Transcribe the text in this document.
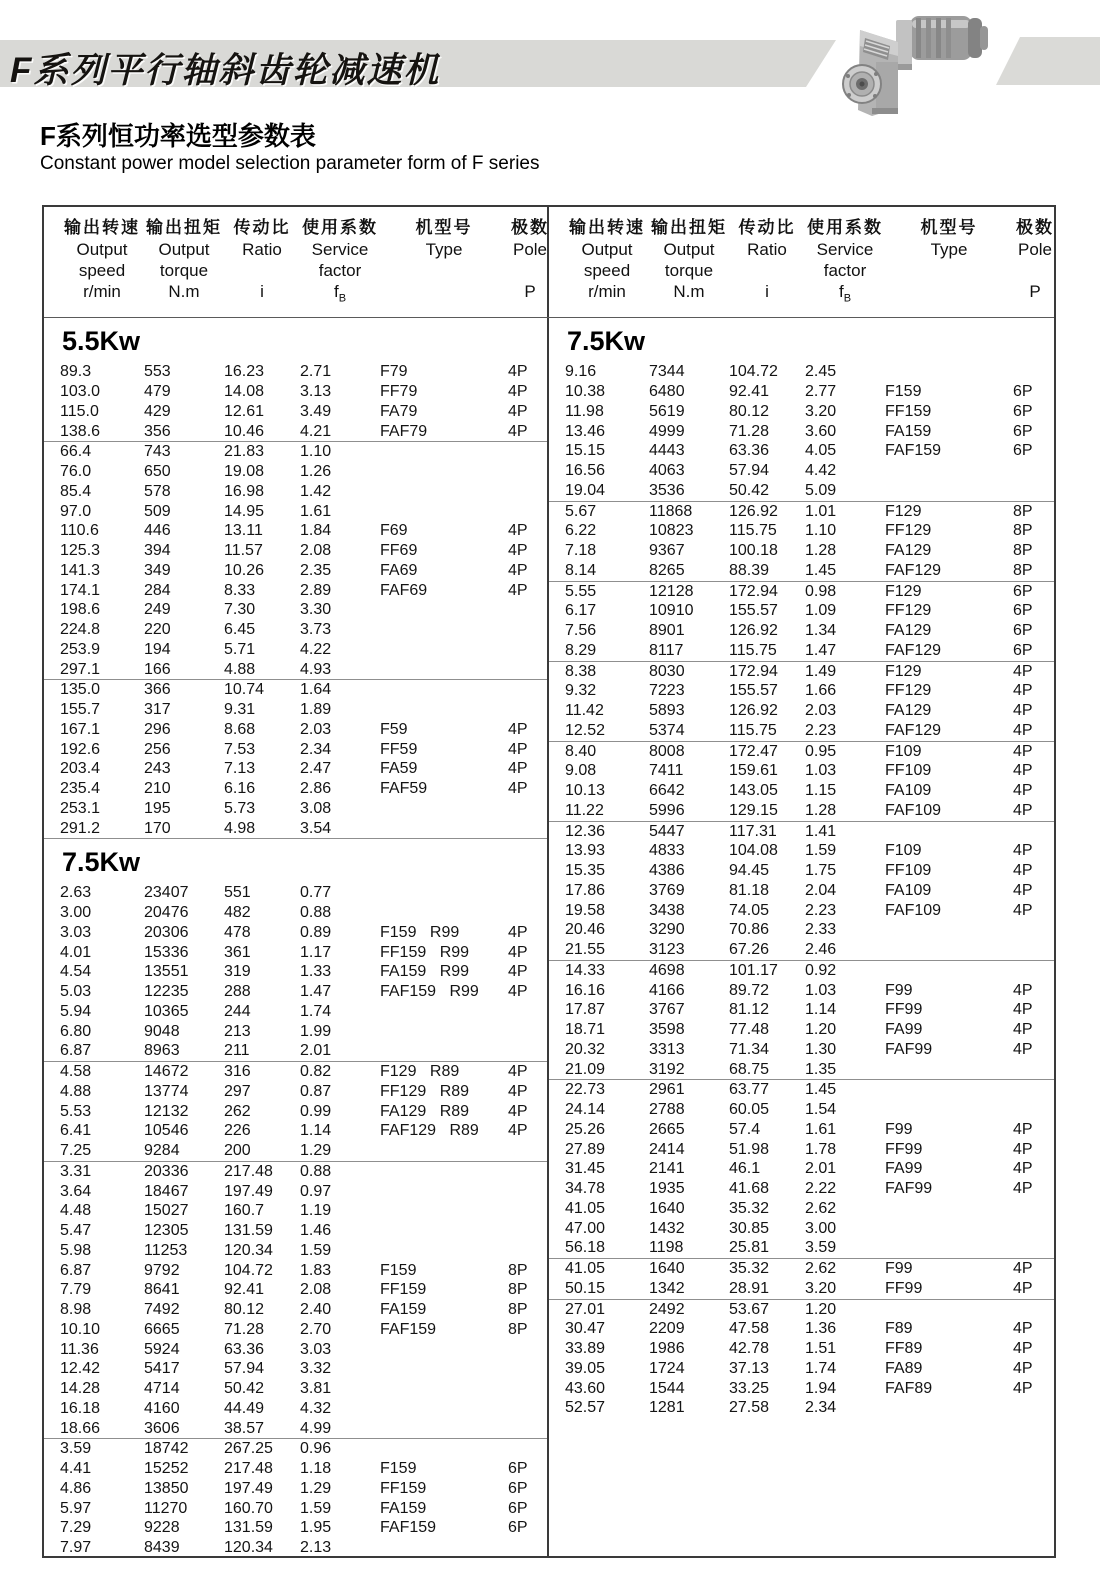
F系列平行轴斜齿轮减速机
F系列恒功率选型参数表
Constant power model selection parameter form of F series
输出转速
Output
speed
r/min
输出扭矩
Output
torque
N.m
传动比
Ratio

i
使用系数
Service
factor
$f_B$
机型号
Type

极数
Pole

P
输出转速
Output
speed
r/min
输出扭矩
Output
torque
N.m
传动比
Ratio

i
使用系数
Service
factor
$f_B$
机型号
Type

极数
Pole

P
5.5Kw
89.3	553	16.23	2.71	F79	4P
103.0	479	14.08	3.13	FF79	4P
115.0	429	12.61	3.49	FA79	4P
138.6	356	10.46	4.21	FAF79	4P
66.4	743	21.83	1.10
76.0	650	19.08	1.26
85.4	578	16.98	1.42
97.0	509	14.95	1.61
110.6	446	13.11	1.84	F69	4P
125.3	394	11.57	2.08	FF69	4P
141.3	349	10.26	2.35	FA69	4P
174.1	284	8.33	2.89	FAF69	4P
198.6	249	7.30	3.30
224.8	220	6.45	3.73
253.9	194	5.71	4.22
297.1	166	4.88	4.93
135.0	366	10.74	1.64
155.7	317	9.31	1.89
167.1	296	8.68	2.03	F59	4P
192.6	256	7.53	2.34	FF59	4P
203.4	243	7.13	2.47	FA59	4P
235.4	210	6.16	2.86	FAF59	4P
253.1	195	5.73	3.08
291.2	170	4.98	3.54
7.5Kw
2.63	23407	551	0.77
3.00	20476	482	0.88
3.03	20306	478	0.89	F159 R99	4P
4.01	15336	361	1.17	FF159 R99	4P
4.54	13551	319	1.33	FA159 R99	4P
5.03	12235	288	1.47	FAF159 R99	4P
5.94	10365	244	1.74
6.80	9048	213	1.99
6.87	8963	211	2.01
4.58	14672	316	0.82	F129 R89	4P
4.88	13774	297	0.87	FF129 R89	4P
5.53	12132	262	0.99	FA129 R89	4P
6.41	10546	226	1.14	FAF129 R89	4P
7.25	9284	200	1.29
3.31	20336	217.48	0.88
3.64	18467	197.49	0.97
4.48	15027	160.7	1.19
5.47	12305	131.59	1.46
5.98	11253	120.34	1.59
6.87	9792	104.72	1.83	F159	8P
7.79	8641	92.41	2.08	FF159	8P
8.98	7492	80.12	2.40	FA159	8P
10.10	6665	71.28	2.70	FAF159	8P
11.36	5924	63.36	3.03
12.42	5417	57.94	3.32
14.28	4714	50.42	3.81
16.18	4160	44.49	4.32
18.66	3606	38.57	4.99
3.59	18742	267.25	0.96
4.41	15252	217.48	1.18	F159	6P
4.86	13850	197.49	1.29	FF159	6P
5.97	11270	160.70	1.59	FA159	6P
7.29	9228	131.59	1.95	FAF159	6P
7.97	8439	120.34	2.13
7.5Kw
9.16	7344	104.72	2.45
10.38	6480	92.41	2.77	F159	6P
11.98	5619	80.12	3.20	FF159	6P
13.46	4999	71.28	3.60	FA159	6P
15.15	4443	63.36	4.05	FAF159	6P
16.56	4063	57.94	4.42
19.04	3536	50.42	5.09
5.67	11868	126.92	1.01	F129	8P
6.22	10823	115.75	1.10	FF129	8P
7.18	9367	100.18	1.28	FA129	8P
8.14	8265	88.39	1.45	FAF129	8P
5.55	12128	172.94	0.98	F129	6P
6.17	10910	155.57	1.09	FF129	6P
7.56	8901	126.92	1.34	FA129	6P
8.29	8117	115.75	1.47	FAF129	6P
8.38	8030	172.94	1.49	F129	4P
9.32	7223	155.57	1.66	FF129	4P
11.42	5893	126.92	2.03	FA129	4P
12.52	5374	115.75	2.23	FAF129	4P
8.40	8008	172.47	0.95	F109	4P
9.08	7411	159.61	1.03	FF109	4P
10.13	6642	143.05	1.15	FA109	4P
11.22	5996	129.15	1.28	FAF109	4P
12.36	5447	117.31	1.41
13.93	4833	104.08	1.59	F109	4P
15.35	4386	94.45	1.75	FF109	4P
17.86	3769	81.18	2.04	FA109	4P
19.58	3438	74.05	2.23	FAF109	4P
20.46	3290	70.86	2.33
21.55	3123	67.26	2.46
14.33	4698	101.17	0.92
16.16	4166	89.72	1.03	F99	4P
17.87	3767	81.12	1.14	FF99	4P
18.71	3598	77.48	1.20	FA99	4P
20.32	3313	71.34	1.30	FAF99	4P
21.09	3192	68.75	1.35
22.73	2961	63.77	1.45
24.14	2788	60.05	1.54
25.26	2665	57.4	1.61	F99	4P
27.89	2414	51.98	1.78	FF99	4P
31.45	2141	46.1	2.01	FA99	4P
34.78	1935	41.68	2.22	FAF99	4P
41.05	1640	35.32	2.62
47.00	1432	30.85	3.00
56.18	1198	25.81	3.59
41.05	1640	35.32	2.62	F99	4P
50.15	1342	28.91	3.20	FF99	4P
27.01	2492	53.67	1.20
30.47	2209	47.58	1.36	F89	4P
33.89	1986	42.78	1.51	FF89	4P
39.05	1724	37.13	1.74	FA89	4P
43.60	1544	33.25	1.94	FAF89	4P
52.57	1281	27.58	2.34
